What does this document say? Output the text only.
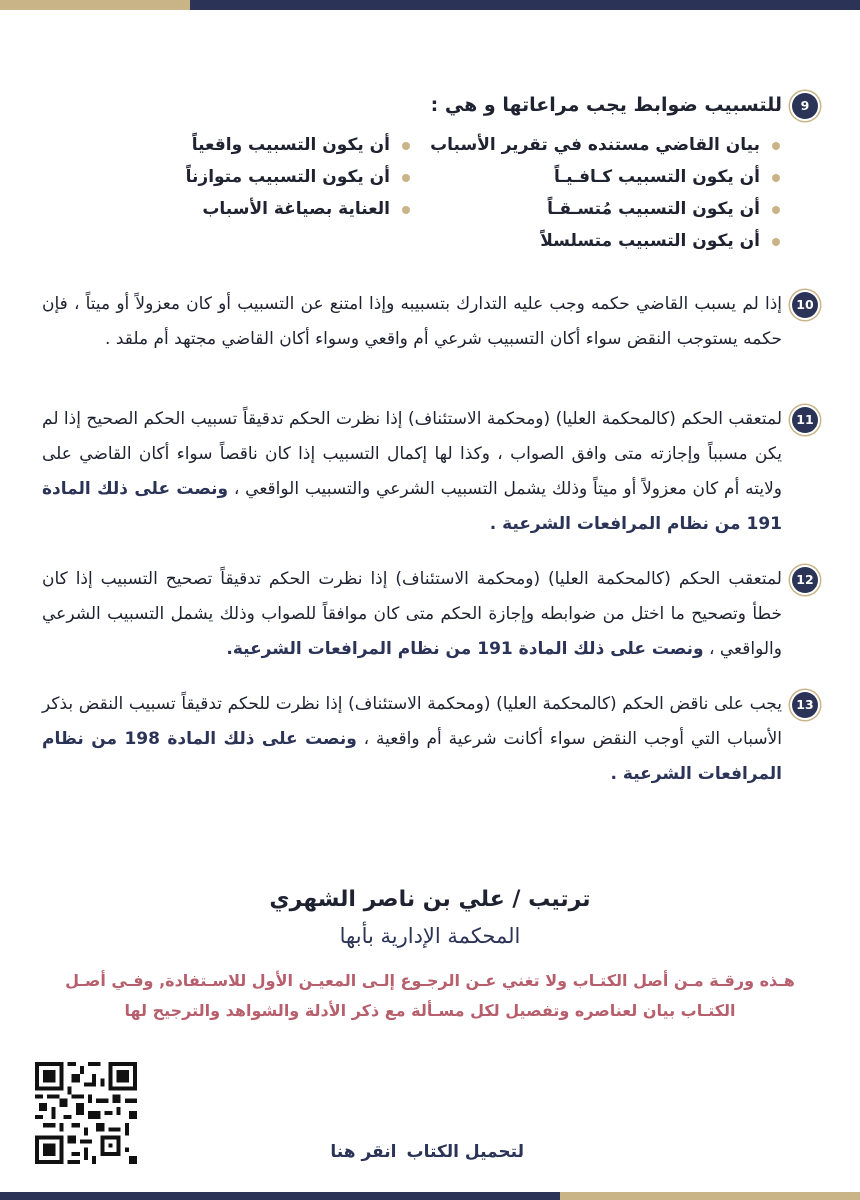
9

للتسبيب ضوابط يجب مراعاتها و هي :

بيان القاضي مستنده في تقرير الأسباب
أن يكون التسبيب كـافـيـاً
أن يكون التسبيب مُتسـقـاً
أن يكون التسبيب متسلسلاً
أن يكون التسبيب واقعياً
أن يكون التسبيب متوازناً
العناية بصياغة الأسباب
10

إذا لم يسبب القاضي حكمه وجب عليه التدارك بتسبيبه وإذا امتنع عن التسبيب أو كان معزولاً أو ميتاً ، فإن حكمه يستوجب النقض سواء أكان التسبيب شرعي أم واقعي وسواء أكان القاضي مجتهد أم ملقد .

11

لمتعقب الحكم (كالمحكمة العليا) (ومحكمة الاستئناف) إذا نظرت الحكم تدقيقاً تسبيب الحكم الصحيح إذا لم يكن مسبباً وإجازته متى وافق الصواب ، وكذا لها إكمال التسبيب إذا كان ناقصاً سواء أكان القاضي على ولايته أم كان معزولاً أو ميتاً وذلك يشمل التسبيب الشرعي والتسبيب الواقعي ، ونصت على ذلك المادة 191 من نظام المرافعات الشرعية .

12

لمتعقب الحكم (كالمحكمة العليا) (ومحكمة الاستئناف) إذا نظرت الحكم تدقيقاً تصحيح التسبيب إذا كان خطأ وتصحيح ما اختل من ضوابطه وإجازة الحكم متى كان موافقاً للصواب وذلك يشمل التسبيب الشرعي والواقعي ، ونصت على ذلك المادة 191 من نظام المرافعات الشرعية.

13

يجب على ناقض الحكم (كالمحكمة العليا) (ومحكمة الاستئناف) إذا نظرت للحكم تدقيقاً تسبيب النقض بذكر الأسباب التي أوجب النقض سواء أكانت شرعية أم واقعية ، ونصت على ذلك المادة 198 من نظام المرافعات الشرعية .

ترتيب / علي بن ناصر الشهري

المحكمة الإدارية بأبها
هـذه ورقـة مـن أصل الكتـاب ولا تغني عـن الرجـوع إلـى المعيـن الأول للاسـتفادة, وفـي أصـل
الكتـاب بيان لعناصره وتفصيل لكل مسـألة مع ذكر الأدلة والشواهد والترجيح لها
لتحميل الكتابانقر هنا
